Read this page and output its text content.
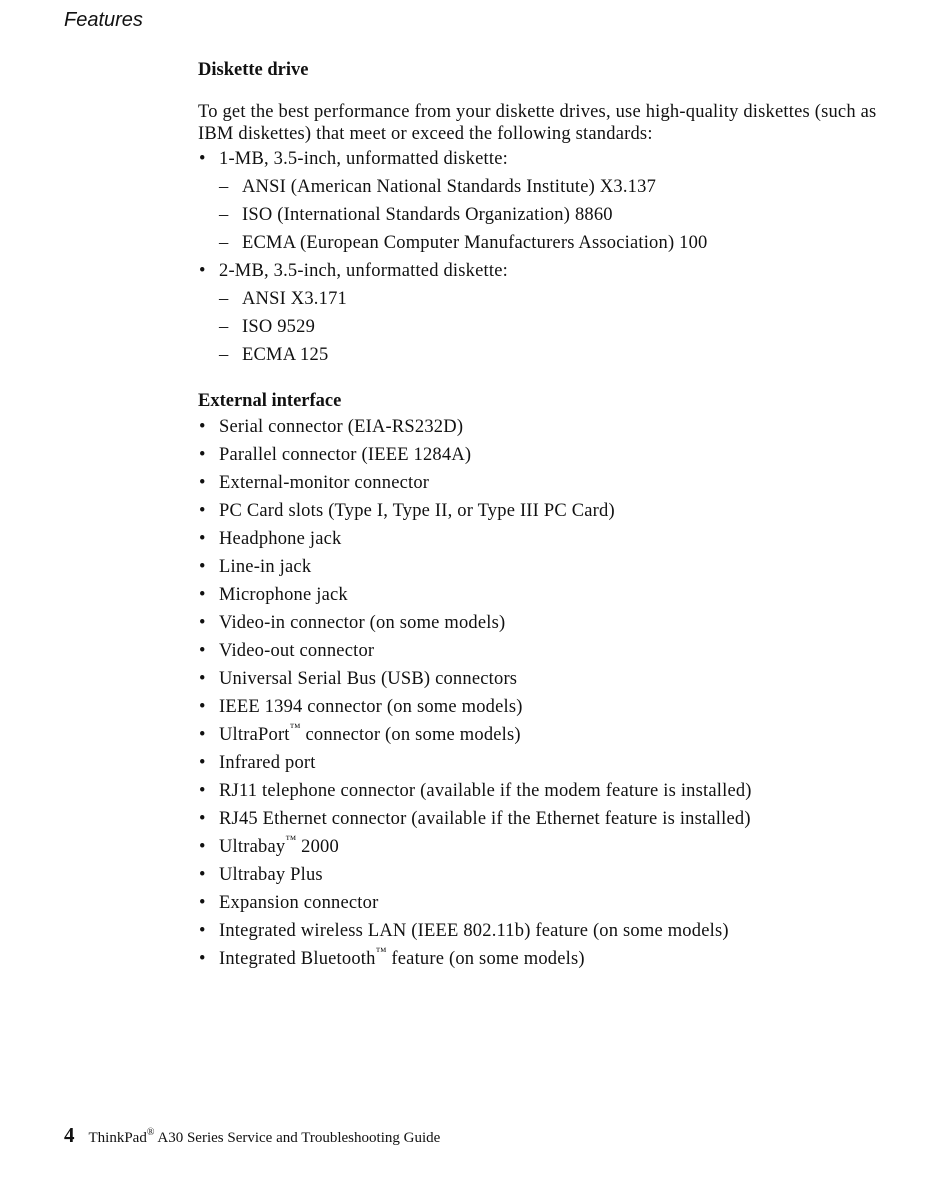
Features
Diskette drive

To get the best performance from your diskette drives, use high-quality diskettes (such as IBM diskettes) that meet or exceed the following standards:

• 1-MB, 3.5-inch, unformatted diskette:
– ANSI (American National Standards Institute) X3.137
– ISO (International Standards Organization) 8860
– ECMA (European Computer Manufacturers Association) 100
• 2-MB, 3.5-inch, unformatted diskette:
– ANSI X3.171
– ISO 9529
– ECMA 125
External interface
• Serial connector (EIA-RS232D)
• Parallel connector (IEEE 1284A)
• External-monitor connector
• PC Card slots (Type I, Type II, or Type III PC Card)
• Headphone jack
• Line-in jack
• Microphone jack
• Video-in connector (on some models)
• Video-out connector
• Universal Serial Bus (USB) connectors
• IEEE 1394 connector (on some models)
• UltraPort™ connector (on some models)
• Infrared port
• RJ11 telephone connector (available if the modem feature is installed)
• RJ45 Ethernet connector (available if the Ethernet feature is installed)
• Ultrabay™ 2000
• Ultrabay Plus
• Expansion connector
• Integrated wireless LAN (IEEE 802.11b) feature (on some models)
• Integrated Bluetooth™ feature (on some models)
4 ThinkPad® A30 Series Service and Troubleshooting Guide
